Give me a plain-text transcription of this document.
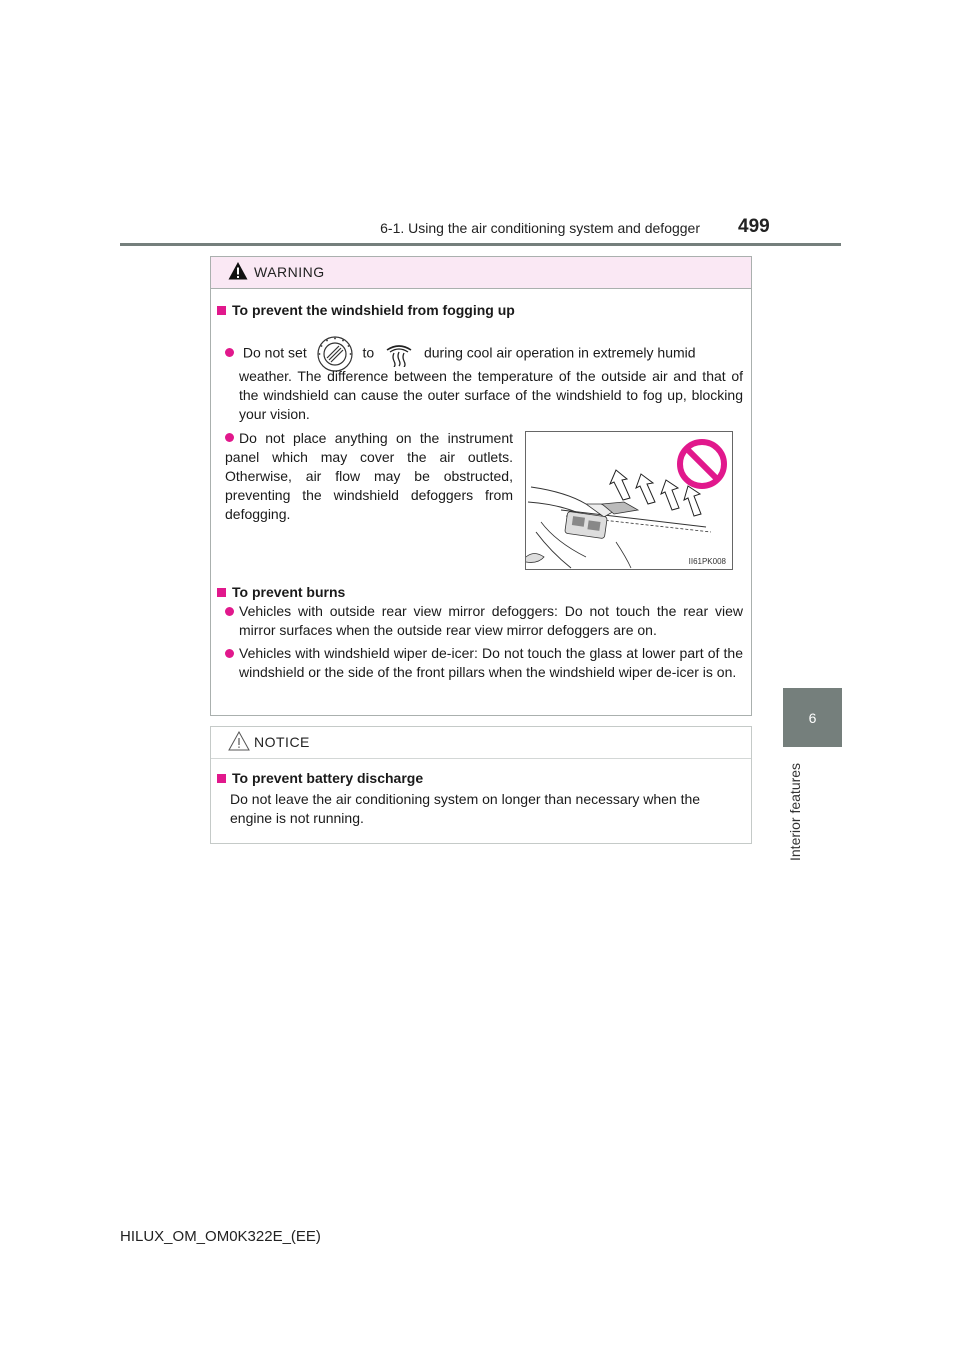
6-1. Using the air conditioning system and defogger 499
6
Interior features
WARNING
To prevent the windshield from fogging up
Do not set	to	during cool air operation in extremely humid
weather. The difference between the temperature of the outside air and that of the windshield can cause the outer surface of the windshield to fog up, blocking your vision.
Do not place anything on the instrument panel which may cover the air outlets. Otherwise, air flow may be obstructed, preventing the windshield defoggers from defogging.
To prevent burns
Vehicles with outside rear view mirror defoggers: Do not touch the rear view mirror surfaces when the outside rear view mirror defoggers are on.
Vehicles with windshield wiper de-icer: Do not touch the glass at lower part of the windshield or the side of the front pillars when the windshield wiper de-icer is on.
II61PK008
NOTICE
To prevent battery discharge
Do not leave the air conditioning system on longer than necessary when the engine is not running.
HILUX_OM_OM0K322E_(EE)
